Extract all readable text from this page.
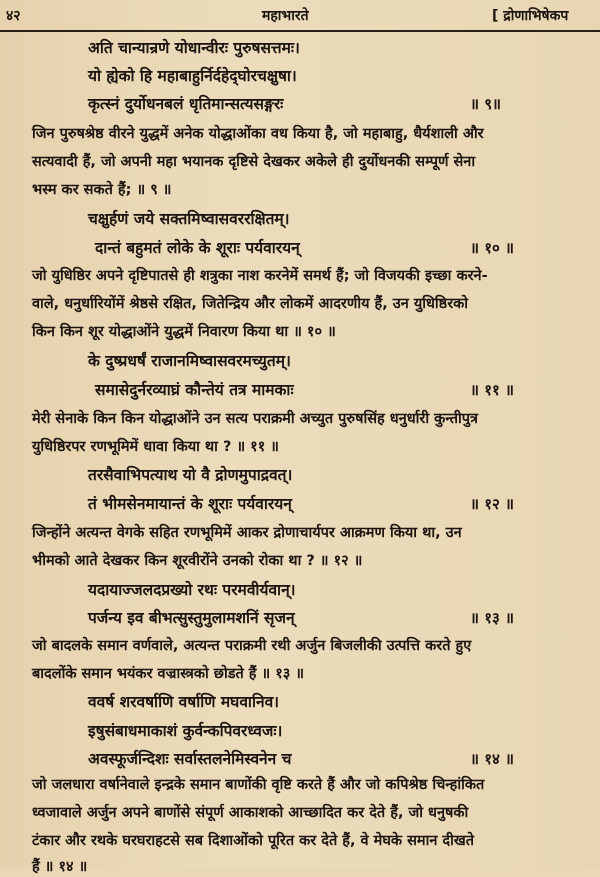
४२	महाभारते	[ द्रोणाभिषेकप
अति चान्यान्रणे योधान्वीरः पुरुषसत्तमः।
यो ह्येको हि महाबाहुर्निर्दहेद्‌घोरचक्षुषा।
कृत्स्नं दुर्योधनबलं धृतिमान्सत्यसङ्गरः	॥ ९॥
जिन पुरुषश्रेष्ठ वीरने युद्धमें अनेक योद्धाओंका वध किया है, जो महाबाहु, धैर्यशाली और
सत्यवादी हैं, जो अपनी महा भयानक दृष्टिसे देखकर अकेले ही दुर्योधनकी सम्पूर्ण सेना
भस्म कर सकते हैं; ॥ ९ ॥
चक्षुर्हणं जये सक्तमिष्वासवररक्षितम्।
दान्तं बहुमतं लोके के शूराः पर्यवारयन्	॥ १० ॥
जो युधिष्ठिर अपने दृष्टिपातसे ही शत्रुका नाश करनेमें समर्थ हैं; जो विजयकी इच्छा करने-
वाले, धनुर्धारियोंमें श्रेष्ठसे रक्षित, जितेन्द्रिय और लोकमें आदरणीय हैं, उन युधिष्ठिरको
किन किन शूर योद्धाओंने युद्धमें निवारण किया था ॥ १० ॥
के दुष्प्रधर्षं राजानमिष्वासवरमच्युतम्।
समासेदुर्नरव्याघ्रं कौन्तेयं तत्र मामकाः	॥ ११ ॥
मेरी सेनाके किन किन योद्धाओंने उन सत्य पराक्रमी अच्युत पुरुषसिंह धनुर्धारी कुन्तीपुत्र
युधिष्ठिरपर रणभूमिमें धावा किया था ? ॥ ११ ॥
तरसैवाभिपत्याथ यो वै द्रोणमुपाद्रवत्।
तं भीमसेनमायान्तं के शूराः पर्यवारयन्	॥ १२ ॥
जिन्होंने अत्यन्त वेगके सहित रणभूमिमें आकर द्रोणाचार्यपर आक्रमण किया था, उन
भीमको आते देखकर किन शूरवीरोंने उनको रोका था ? ॥ १२ ॥
यदायाज्जलदप्रख्यो रथः परमवीर्यवान्।
पर्जन्य इव बीभत्सुस्तुमुलामशनिं सृजन्	॥ १३ ॥
जो बादलके समान वर्णवाले, अत्यन्त पराक्रमी रथी अर्जुन बिजलीकी उत्पत्ति करते हुए
बादलोंके समान भयंकर वज्रास्त्रको छोडते हैं ॥ १३ ॥
ववर्ष शरवर्षाणि वर्षाणि मघवानिव।
इषुसंबाधमाकाशं कुर्वन्कपिवरध्वजः।
अवस्फूर्जन्दिशः सर्वास्तलनेमिस्वनेन च	॥ १४ ॥
जो जलधारा वर्षानेवाले इन्द्रके समान बाणोंकी वृष्टि करते हैं और जो कपिश्रेष्ठ चिन्हांकित
ध्वजावाले अर्जुन अपने बाणोंसे संपूर्ण आकाशको आच्छादित कर देते हैं, जो धनुषकी
टंकार और रथके घरघराहटसे सब दिशाओंको पूरित कर देते हैं, वे मेघके समान दीखते
हैं ॥ १४ ॥
